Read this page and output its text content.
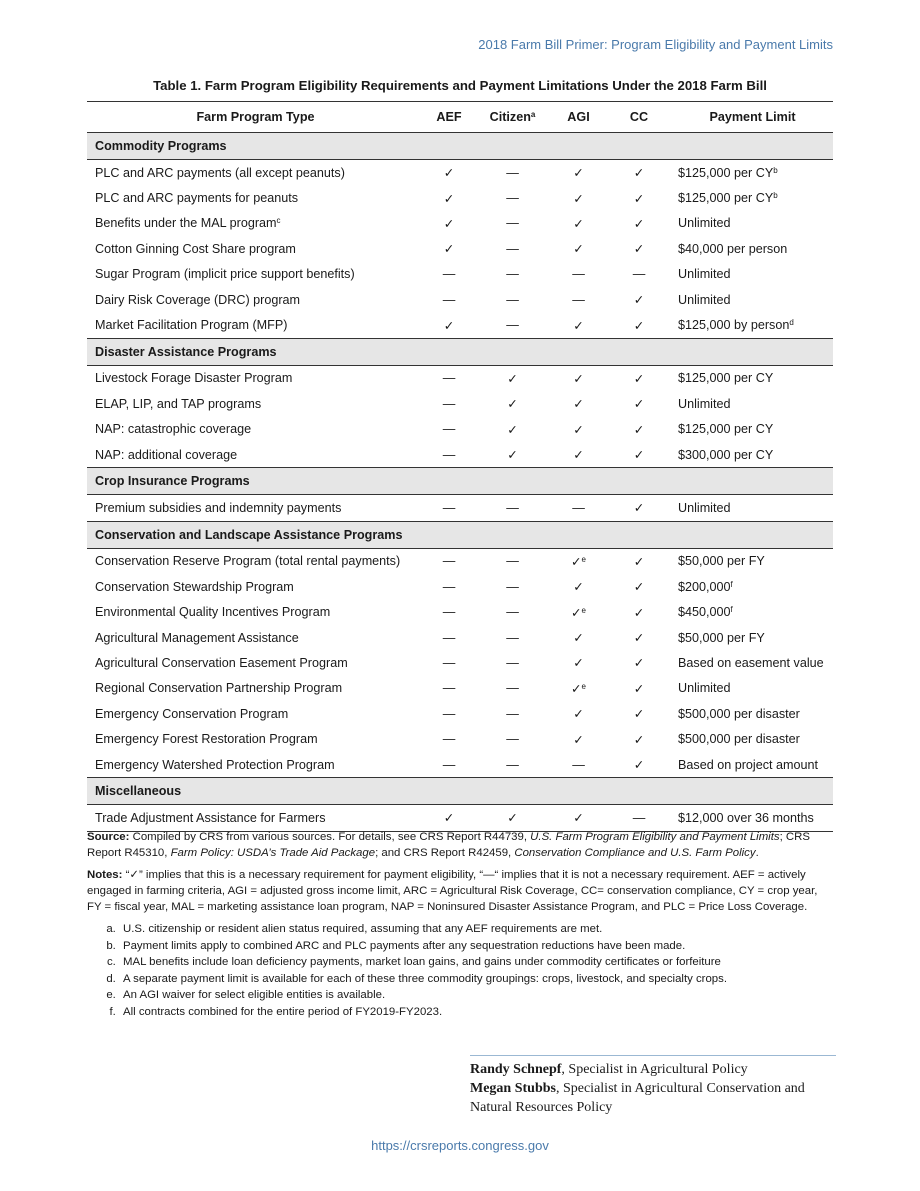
2018 Farm Bill Primer: Program Eligibility and Payment Limits
Table 1. Farm Program Eligibility Requirements and Payment Limitations Under the 2018 Farm Bill
Farm Program Type	AEF	Citizen$^a$	AGI	CC	Payment Limit
Commodity Programs					
PLC and ARC payments (all except peanuts)	✓	—	✓	✓	$125,000 per $CY^b$
PLC and ARC payments for peanuts	✓	—	✓	✓	$125,000 per $CY^b$
Benefits under the MAL program$^c$	✓	—	✓	✓	Unlimited
Cotton Ginning Cost Share program	✓	—	✓	✓	$40,000 per person
Sugar Program (implicit price support benefits)	—	—	—	—	Unlimited
Dairy Risk Coverage (DRC) program	—	—	—	✓	Unlimited
Market Facilitation Program (MFP)	✓	—	✓	✓	$125,000 by person$^d$
Disaster Assistance Programs					
Livestock Forage Disaster Program	—	✓	✓	✓	$125,000 per CY
ELAP, LIP, and TAP programs	—	✓	✓	✓	Unlimited
NAP: catastrophic coverage	—	✓	✓	✓	$125,000 per CY
NAP: additional coverage	—	✓	✓	✓	$300,000 per CY
Crop Insurance Programs					
Premium subsidies and indemnity payments	—	—	—	✓	Unlimited
Conservation and Landscape Assistance Programs					
Conservation Reserve Program (total rental payments)	—	—	✓$^e$	✓	$50,000 per FY
Conservation Stewardship Program	—	—	✓	✓	$200,000$^f$
Environmental Quality Incentives Program	—	—	✓$^e$	✓	$450,000$^f$
Agricultural Management Assistance	—	—	✓	✓	$50,000 per FY
Agricultural Conservation Easement Program	—	—	✓	✓	Based on easement value
Regional Conservation Partnership Program	—	—	✓$^e$	✓	Unlimited
Emergency Conservation Program	—	—	✓	✓	$500,000 per disaster
Emergency Forest Restoration Program	—	—	✓	✓	$500,000 per disaster
Emergency Watershed Protection Program	—	—	—	✓	Based on project amount
Miscellaneous					
Trade Adjustment Assistance for Farmers	✓	✓	✓	—	$12,000 over 36 months

Source: Compiled by CRS from various sources. For details, see CRS Report R44739, U.S. Farm Program Eligibility and Payment Limits; CRS Report R45310, Farm Policy: USDA’s Trade Aid Package; and CRS Report R42459, Conservation Compliance and U.S. Farm Policy.

Notes: “✓” implies that this is a necessary requirement for payment eligibility, “—“ implies that it is not a necessary requirement. AEF = actively engaged in farming criteria, AGI = adjusted gross income limit, ARC = Agricultural Risk Coverage, CC= conservation compliance, CY = crop year, FY = fiscal year, MAL = marketing assistance loan program, NAP = Noninsured Disaster Assistance Program, and PLC = Price Loss Coverage.

a. U.S. citizenship or resident alien status required, assuming that any AEF requirements are met.
b. Payment limits apply to combined ARC and PLC payments after any sequestration reductions have been made.
c. MAL benefits include loan deficiency payments, market loan gains, and gains under commodity certificates or forfeiture
d. A separate payment limit is available for each of these three commodity groupings: crops, livestock, and specialty crops.
e. An AGI waiver for select eligible entities is available.
f. All contracts combined for the entire period of FY2019-FY2023.
Randy Schnepf, Specialist in Agricultural Policy
Megan Stubbs, Specialist in Agricultural Conservation and Natural Resources Policy
https://crsreports.congress.gov
